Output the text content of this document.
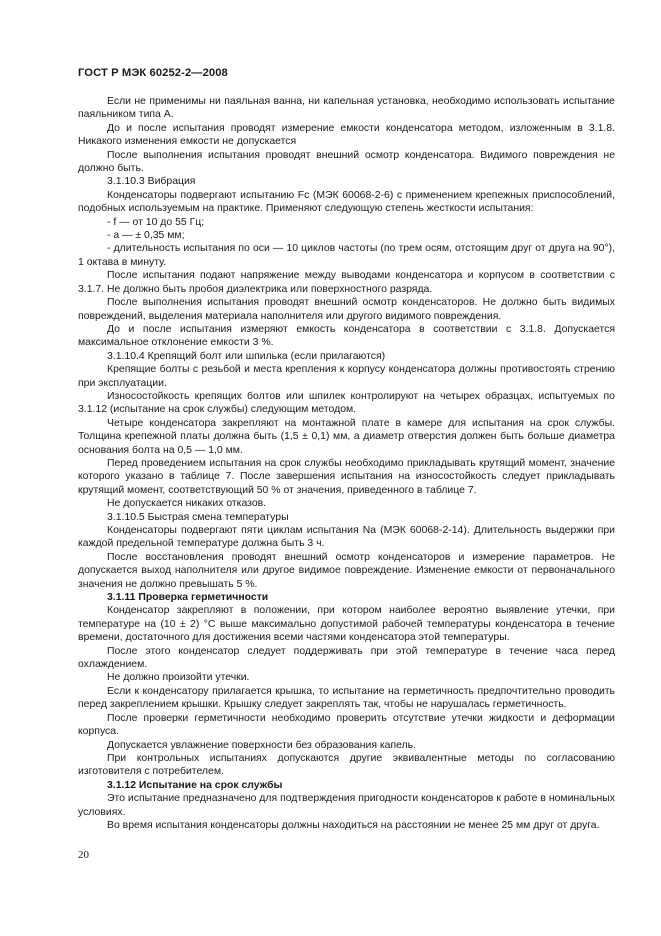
ГОСТ Р МЭК 60252-2—2008

Если не применимы ни паяльная ванна, ни капельная установка, необходимо использовать испытание паяльником типа А.

До и после испытания проводят измерение емкости конденсатора методом, изложенным в 3.1.8. Никакого изменения емкости не допускается

После выполнения испытания проводят внешний осмотр конденсатора. Видимого повреждения не должно быть.

3.1.10.3 Вибрация

Конденсаторы подвергают испытанию Fc (МЭК 60068-2-6) с применением крепежных приспособлений, подобных используемым на практике. Применяют следующую степень жесткости испытания:

- f — от 10 до 55 Гц;

- a — ± 0,35 мм;

- длительность испытания по оси — 10 циклов частоты (по трем осям, отстоящим друг от друга на 90°), 1 октава в минуту.

После испытания подают напряжение между выводами конденсатора и корпусом в соответствии с 3.1.7. Не должно быть пробоя диэлектрика или поверхностного разряда.

После выполнения испытания проводят внешний осмотр конденсаторов. Не должно быть видимых повреждений, выделения материала наполнителя или другого видимого повреждения.

До и после испытания измеряют емкость конденсатора в соответствии с 3.1.8. Допускается максимальное отклонение емкости 3 %.

3.1.10.4 Крепящий болт или шпилька (если прилагаются)

Крепящие болты с резьбой и места крепления к корпусу конденсатора должны противостоять стрению при эксплуатации.

Износостойкость крепящих болтов или шпилек контролируют на четырех образцах, испытуемых по 3.1.12 (испытание на срок службы) следующим методом.

Четыре конденсатора закрепляют на монтажной плате в камере для испытания на срок службы. Толщина крепежной платы должна быть (1,5 ± 0,1) мм, а диаметр отверстия должен быть больше диаметра основания болта на 0,5 — 1,0 мм.

Перед проведением испытания на срок службы необходимо прикладывать крутящий момент, значение которого указано в таблице 7. После завершения испытания на износостойкость следует прикладывать крутящий момент, соответствующий 50 % от значения, приведенного в таблице 7.

Не допускается никаких отказов.

3.1.10.5 Быстрая смена температуры

Конденсаторы подвергают пяти циклам испытания Na (МЭК 60068-2-14). Длительность выдержки при каждой предельной температуре должна быть 3 ч.

После восстановления проводят внешний осмотр конденсаторов и измерение параметров. Не допускается выход наполнителя или другое видимое повреждение. Изменение емкости от первоначального значения не должно превышать 5 %.

3.1.11 Проверка герметичности

Конденсатор закрепляют в положении, при котором наиболее вероятно выявление утечки, при температуре на (10 ± 2) °С выше максимально допустимой рабочей температуры конденсатора в течение времени, достаточного для достижения всеми частями конденсатора этой температуры.

После этого конденсатор следует поддерживать при этой температуре в течение часа перед охлаждением.

Не должно произойти утечки.

Если к конденсатору прилагается крышка, то испытание на герметичность предпочтительно проводить перед закреплением крышки. Крышку следует закреплять так, чтобы не нарушалась герметичность.

После проверки герметичности необходимо проверить отсутствие утечки жидкости и деформации корпуса.

Допускается увлажнение поверхности без образования капель.

При контрольных испытаниях допускаются другие эквивалентные методы по согласованию изготовителя с потребителем.

3.1.12 Испытание на срок службы

Это испытание предназначено для подтверждения пригодности конденсаторов к работе в номинальных условиях.

Во время испытания конденсаторы должны находиться на расстоянии не менее 25 мм друг от друга.

20
